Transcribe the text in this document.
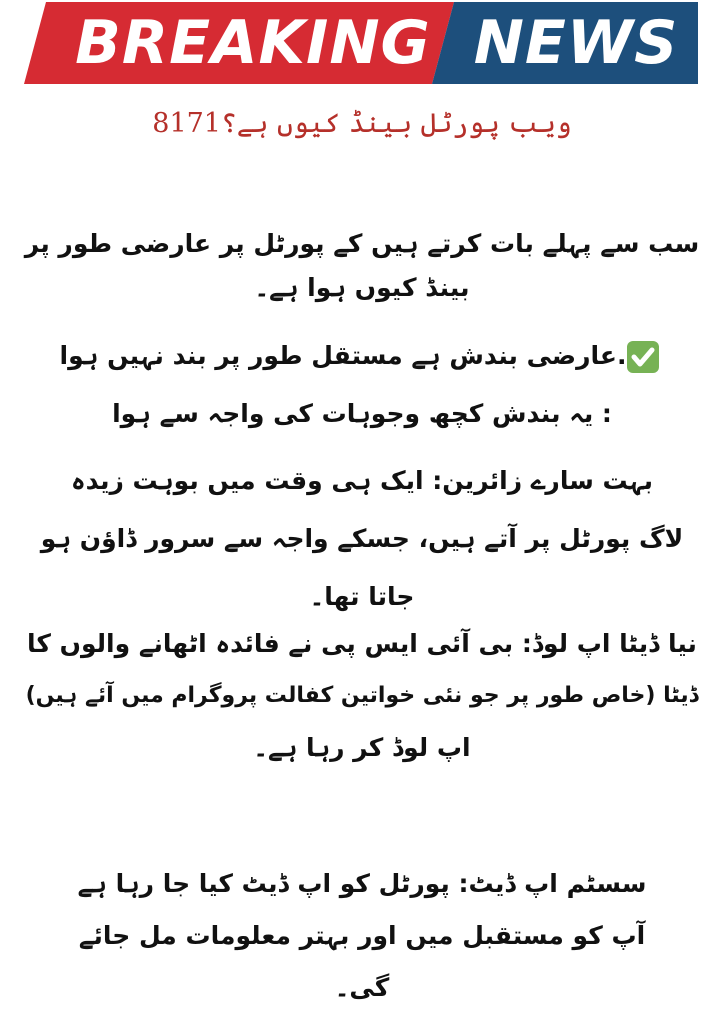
BREAKING NEWS
ویب پورٹل بینڈ کیوں ہے؟8171
سب سے پہلے بات کرتے ہیں کے پورٹل پر عارضی طور پر
بینڈ کیوں ہوا ہے۔
.عارضی بندش ہے مستقل طور پر بند نہیں ہوا
: یہ بندش کچھ وجوہات کی واجہ سے ہوا
بہت سارے زائرین: ایک ہی وقت میں بوہت زیدہ
لاگ پورٹل پر آتے ہیں، جسکے واجہ سے سرور ڈاؤن ہو
جاتا تھا۔
نیا ڈیٹا اپ لوڈ: بی آئی ایس پی نے فائدہ اٹھانے والوں کا
ڈیٹا (خاص طور پر جو نئی خواتین کفالت پروگرام میں آئے ہیں)
اپ لوڈ کر رہا ہے۔
سسٹم اپ ڈیٹ: پورٹل کو اپ ڈیٹ کیا جا رہا ہے
آپ کو مستقبل میں اور بہتر معلومات مل جائے
گی۔
